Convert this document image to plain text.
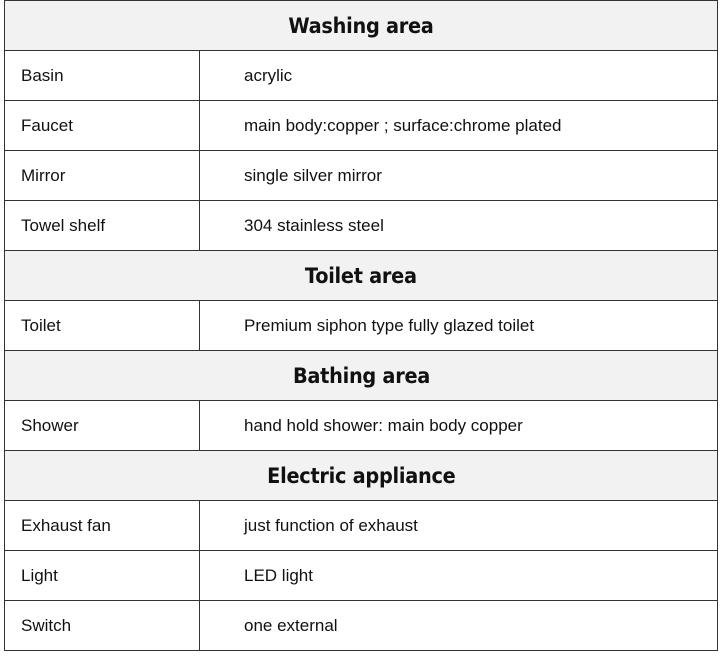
Washing area	
Basin	acrylic
Faucet	main body:copper ; surface:chrome plated
Mirror	single silver mirror
Towel shelf	304 stainless steel
Toilet area	
Toilet	Premium siphon type fully glazed toilet
Bathing area	
Shower	hand hold shower: main body copper
Electric appliance	
Exhaust fan	just function of exhaust
Light	LED light
Switch	one external
